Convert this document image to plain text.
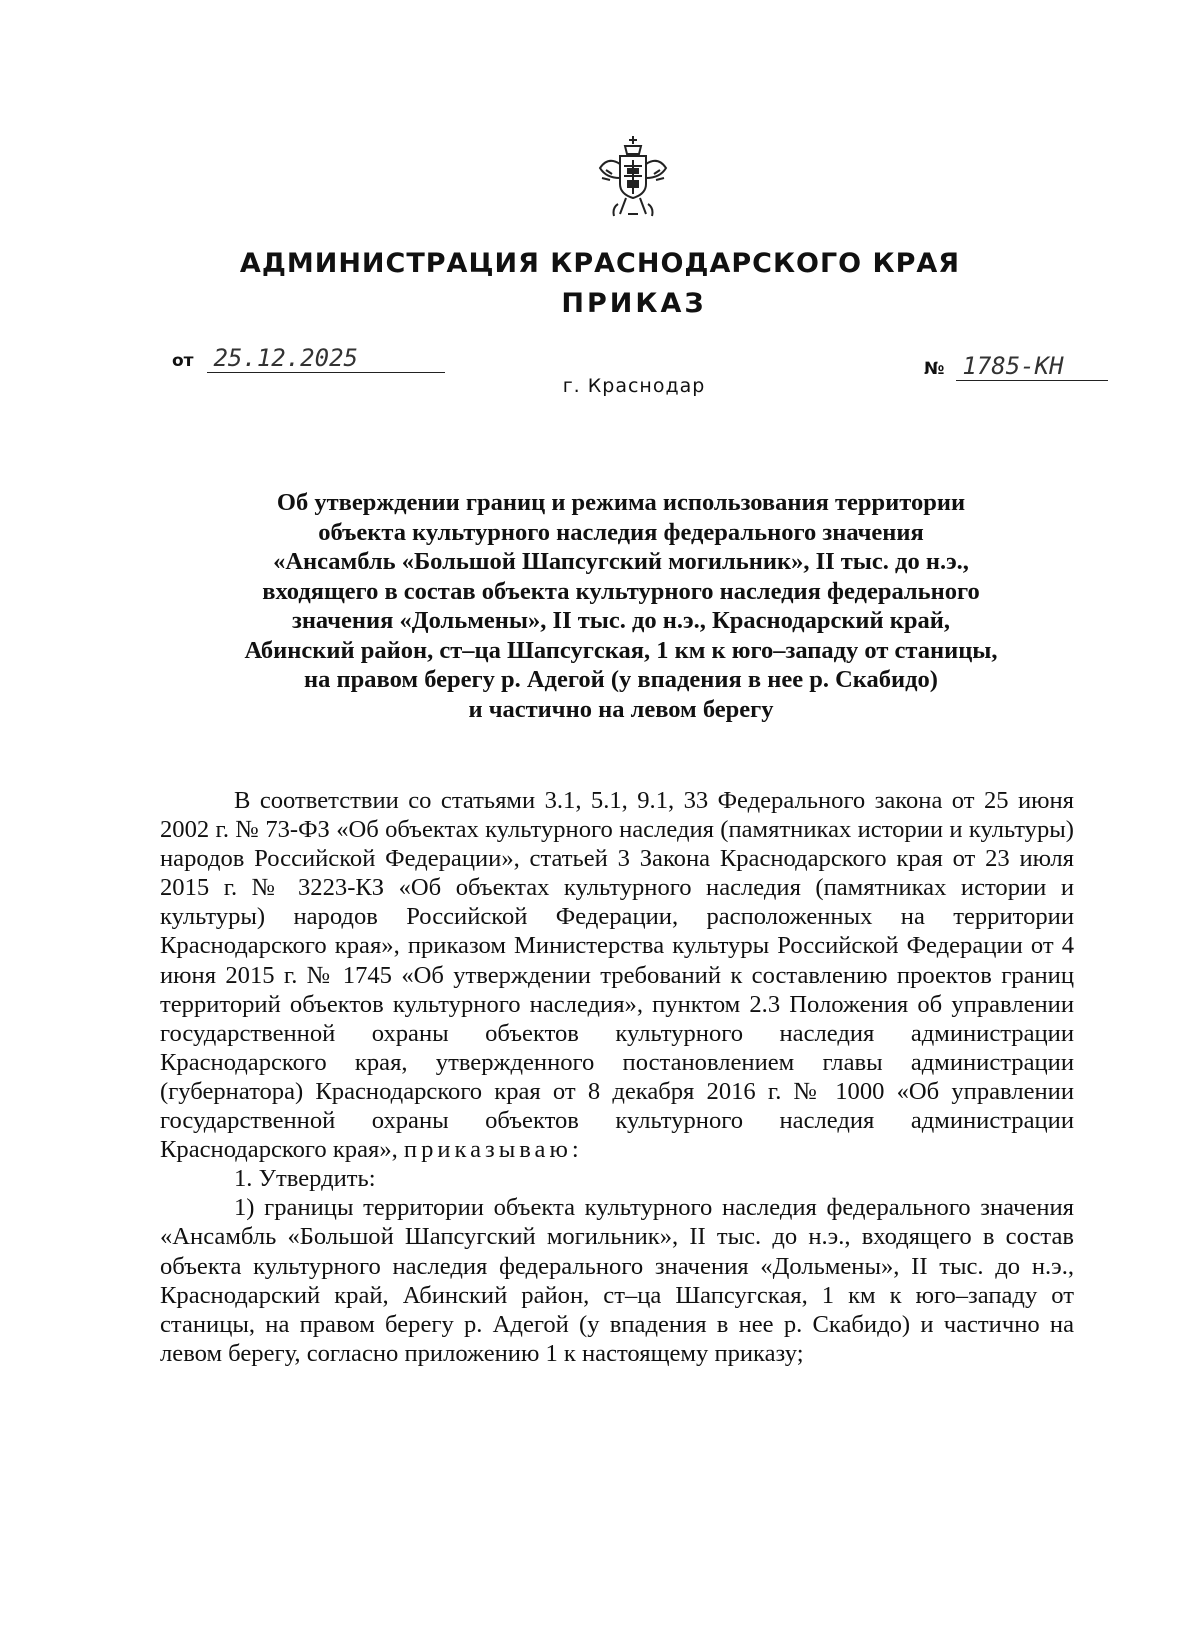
АДМИНИСТРАЦИЯ КРАСНОДАРСКОГО КРАЯ
ПРИКАЗ
от 25.12.2025	№ 1785-КН
г. Краснодар
Об утверждении границ и режима использования территории
объекта культурного наследия федерального значения
«Ансамбль «Большой Шапсугский могильник», II тыс. до н.э.,
входящего в состав объекта культурного наследия федерального
значения «Дольмены», II тыс. до н.э., Краснодарский край,
Абинский район, ст–ца Шапсугская, 1 км к юго–западу от станицы,
на правом берегу р. Адегой (у впадения в нее р. Скабидо)
и частично на левом берегу

В соответствии со статьями 3.1, 5.1, 9.1, 33 Федерального закона от 25 июня 2002 г. № 73-ФЗ «Об объектах культурного наследия (памятниках истории и культуры) народов Российской Федерации», статьей 3 Закона Краснодарского края от 23 июля 2015 г. № 3223-КЗ «Об объектах культурного наследия (памятниках истории и культуры) народов Российской Федерации, расположенных на территории Краснодарского края», приказом Министерства культуры Российской Федерации от 4 июня 2015 г. № 1745 «Об утверждении требований к составлению проектов границ территорий объектов культурного наследия», пунктом 2.3 Положения об управлении государственной охраны объектов культурного наследия администрации Краснодарского края, утвержденного постановлением главы администрации (губернатора) Краснодарского края от 8 декабря 2016 г. № 1000 «Об управлении государственной охраны объектов культурного наследия администрации Краснодарского края», приказываю:

1. Утвердить:

1) границы территории объекта культурного наследия федерального значения «Ансамбль «Большой Шапсугский могильник», II тыс. до н.э., входящего в состав объекта культурного наследия федерального значения «Дольмены», II тыс. до н.э., Краснодарский край, Абинский район, ст–ца Шапсугская, 1 км к юго–западу от станицы, на правом берегу р. Адегой (у впадения в нее р. Скабидо) и частично на левом берегу, согласно приложению 1 к настоящему приказу;
